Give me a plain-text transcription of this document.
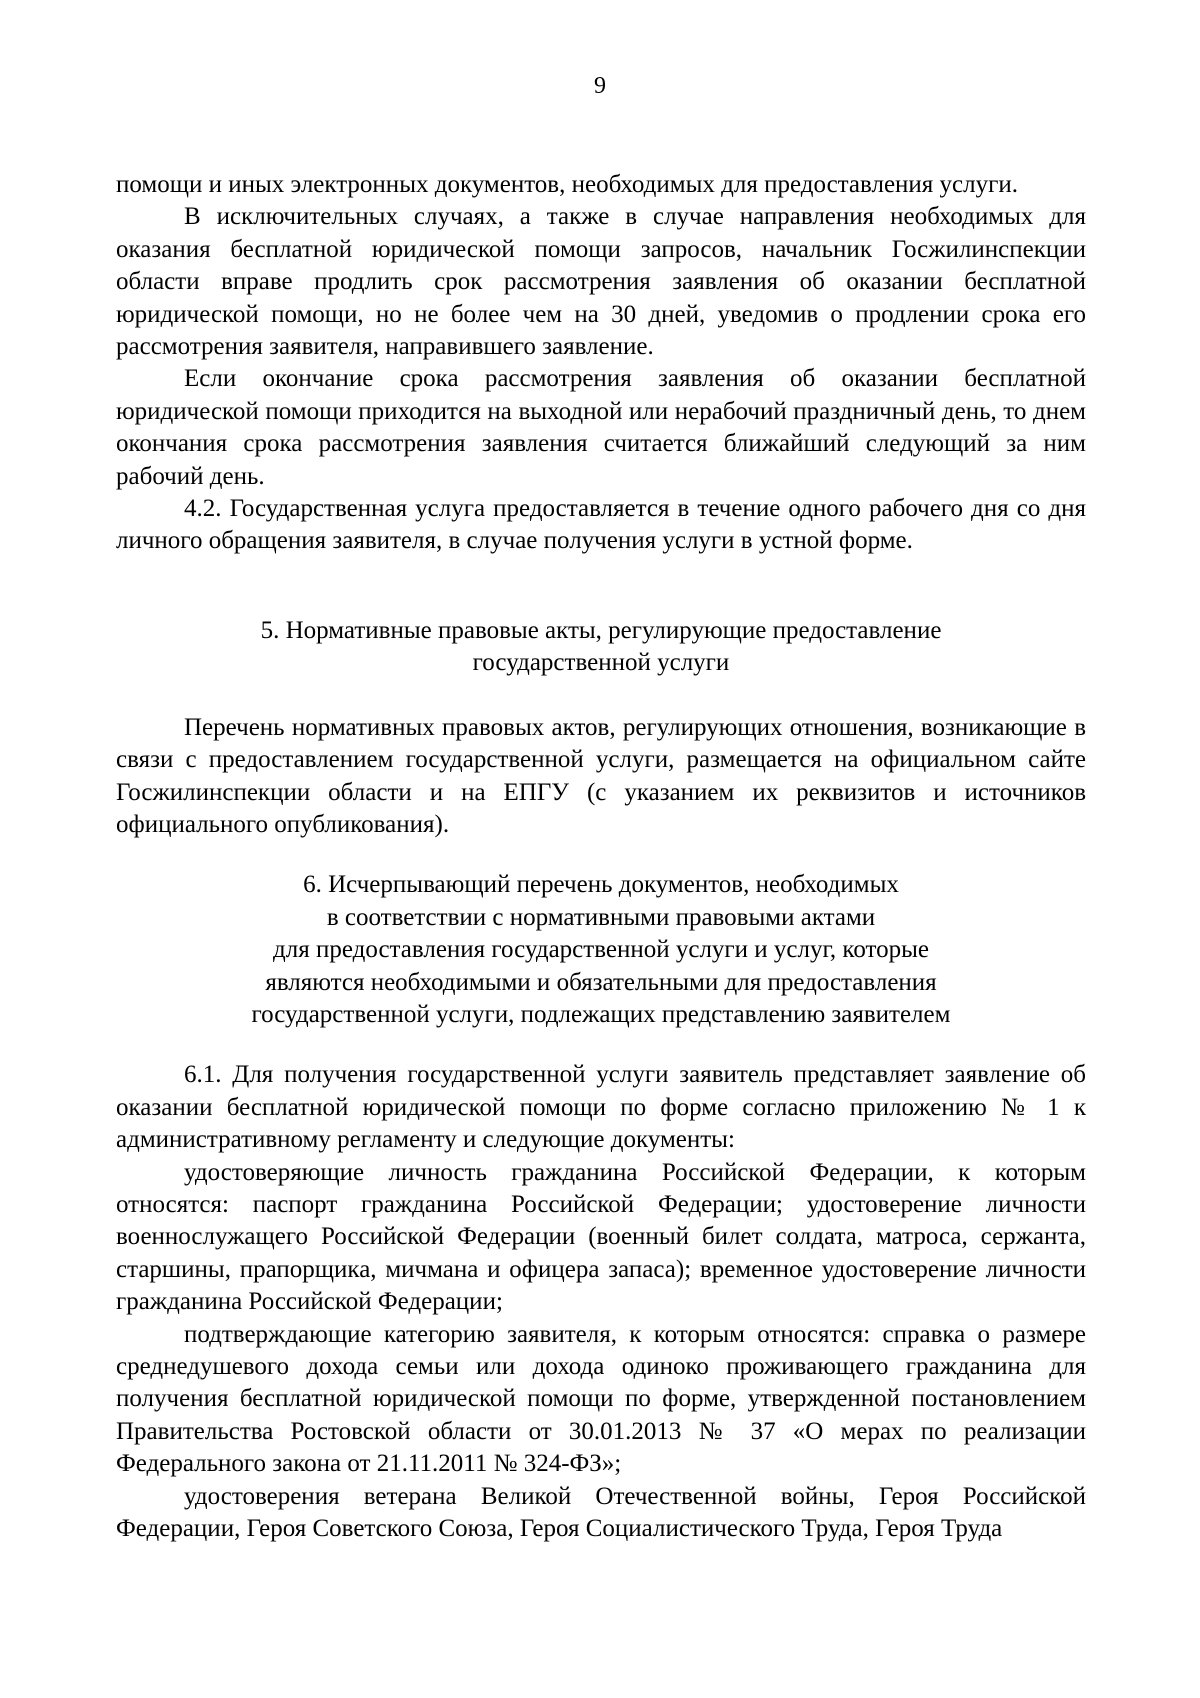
9

помощи и иных электронных документов, необходимых для предоставления услуги.

В исключительных случаях, а также в случае направления необходимых для оказания бесплатной юридической помощи запросов, начальник Госжилинспекции области вправе продлить срок рассмотрения заявления об оказании бесплатной юридической помощи, но не более чем на 30 дней, уведомив о продлении срока его рассмотрения заявителя, направившего заявление.

Если окончание срока рассмотрения заявления об оказании бесплатной юридической помощи приходится на выходной или нерабочий праздничный день, то днем окончания срока рассмотрения заявления считается ближайший следующий за ним рабочий день.

4.2. Государственная услуга предоставляется в течение одного рабочего дня со дня личного обращения заявителя, в случае получения услуги в устной форме.

5. Нормативные правовые акты, регулирующие предоставление

государственной услуги

Перечень нормативных правовых актов, регулирующих отношения, возникающие в связи с предоставлением государственной услуги, размещается на официальном сайте Госжилинспекции области и на ЕПГУ (с указанием их реквизитов и источников официального опубликования).

6. Исчерпывающий перечень документов, необходимых

в соответствии с нормативными правовыми актами

для предоставления государственной услуги и услуг, которые

являются необходимыми и обязательными для предоставления

государственной услуги, подлежащих представлению заявителем

6.1. Для получения государственной услуги заявитель представляет заявление об оказании бесплатной юридической помощи по форме согласно приложению № 1 к административному регламенту и следующие документы:

удостоверяющие личность гражданина Российской Федерации, к которым относятся: паспорт гражданина Российской Федерации; удостоверение личности военнослужащего Российской Федерации (военный билет солдата, матроса, сержанта, старшины, прапорщика, мичмана и офицера запаса); временное удостоверение личности гражданина Российской Федерации;

подтверждающие категорию заявителя, к которым относятся: справка о размере среднедушевого дохода семьи или дохода одиноко проживающего гражданина для получения бесплатной юридической помощи по форме, утвержденной постановлением Правительства Ростовской области от 30.01.2013 № 37 «О мерах по реализации Федерального закона от 21.11.2011 № 324-ФЗ»;

удостоверения ветерана Великой Отечественной войны, Героя Российской Федерации, Героя Советского Союза, Героя Социалистического Труда, Героя Труда
